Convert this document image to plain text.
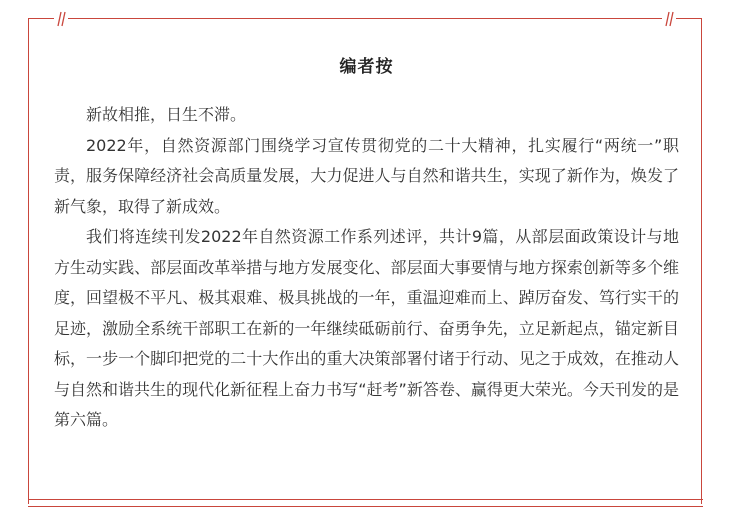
编者按

新故相推，日生不滞。

2022年，自然资源部门围绕学习宣传贯彻党的二十大精神，扎实履行“两统一”职责，服务保障经济社会高质量发展，大力促进人与自然和谐共生，实现了新作为，焕发了新气象，取得了新成效。

我们将连续刊发2022年自然资源工作系列述评，共计9篇，从部层面政策设计与地方生动实践、部层面改革举措与地方发展变化、部层面大事要情与地方探索创新等多个维度，回望极不平凡、极其艰难、极具挑战的一年，重温迎难而上、踔厉奋发、笃行实干的足迹，激励全系统干部职工在新的一年继续砥砺前行、奋勇争先，立足新起点，锚定新目标，一步一个脚印把党的二十大作出的重大决策部署付诸于行动、见之于成效，在推动人与自然和谐共生的现代化新征程上奋力书写“赶考”新答卷、赢得更大荣光。今天刊发的是第六篇。
